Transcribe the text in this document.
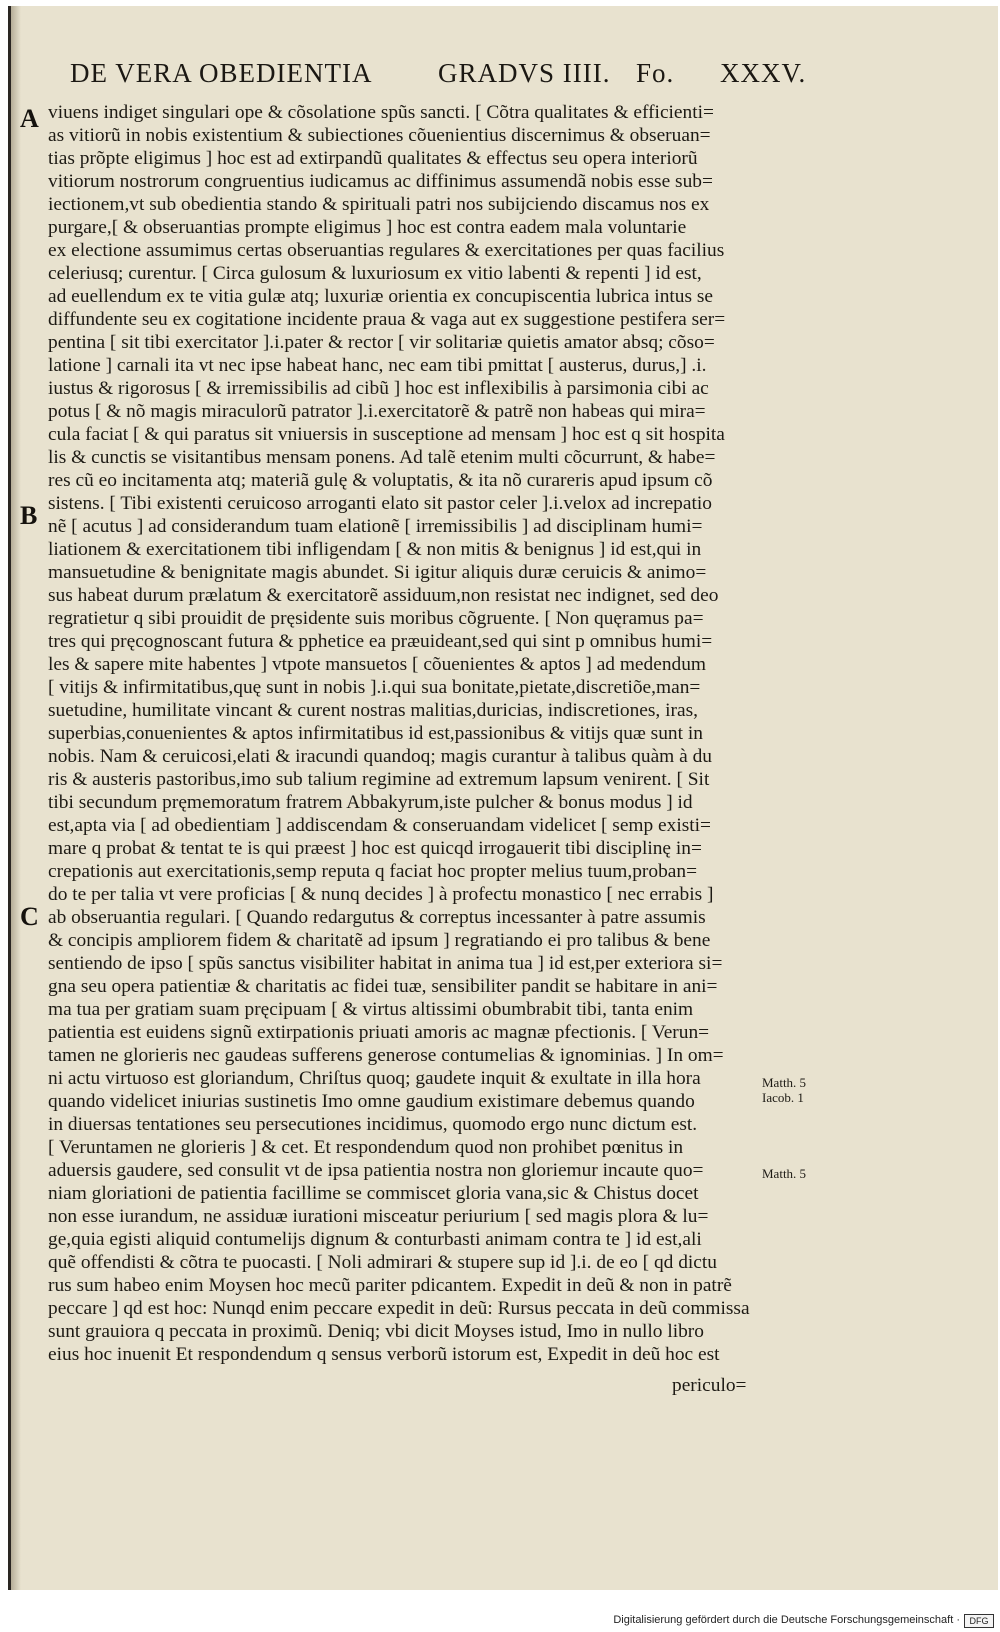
DE VERA OBEDIENTIA GRADVS IIII. Fo. XXXV.
A
B
C
Matth. 5
Iacob. 1
Matth. 5
viuens indiget singulari ope & cõsolatione spũs sancti. [ Cõtra qualitates & efficienti=
as vitiorũ in nobis existentium & subiectiones cõuenientius discernimus & obseruan=
tias prõpte eligimus ] hoc est ad extirpandũ qualitates & effectus seu opera interiorũ
vitiorum nostrorum congruentius iudicamus ac diffinimus assumendã nobis esse sub=
iectionem,vt sub obedientia stando & spirituali patri nos subijciendo discamus nos ex
purgare,[ & obseruantias prompte eligimus ] hoc est contra eadem mala voluntarie
ex electione assumimus certas obseruantias regulares & exercitationes per quas facilius
celeriusq; curentur. [ Circa gulosum & luxuriosum ex vitio labenti & repenti ] id est,
ad euellendum ex te vitia gulæ atq; luxuriæ orientia ex concupiscentia lubrica intus se
diffundente seu ex cogitatione incidente praua & vaga aut ex suggestione pestifera ser=
pentina [ sit tibi exercitator ].i.pater & rector [ vir solitariæ quietis amator absq; cõso=
latione ] carnali ita vt nec ipse habeat hanc, nec eam tibi pmittat [ austerus, durus,] .i.
iustus & rigorosus [ & irremissibilis ad cibũ ] hoc est inflexibilis à parsimonia cibi ac
potus [ & nõ magis miraculorũ patrator ].i.exercitatorẽ & patrẽ non habeas qui mira=
cula faciat [ & qui paratus sit vniuersis in susceptione ad mensam ] hoc est q sit hospita
lis & cunctis se visitantibus mensam ponens. Ad talẽ etenim multi cõcurrunt, & habe=
res cũ eo incitamenta atq; materiã gulę & voluptatis, & ita nõ curareris apud ipsum cõ
sistens. [ Tibi existenti ceruicoso arroganti elato sit pastor celer ].i.velox ad increpatio
nẽ [ acutus ] ad considerandum tuam elationẽ [ irremissibilis ] ad disciplinam humi=
liationem & exercitationem tibi infligendam [ & non mitis & benignus ] id est,qui in
mansuetudine & benignitate magis abundet. Si igitur aliquis duræ ceruicis & animo=
sus habeat durum prælatum & exercitatorẽ assiduum,non resistat nec indignet, sed deo
regratietur q sibi prouidit de pręsidente suis moribus cõgruente. [ Non quęramus pa=
tres qui pręcognoscant futura & pphetice ea præuideant,sed qui sint p omnibus humi=
les & sapere mite habentes ] vtpote mansuetos [ cõuenientes & aptos ] ad medendum
[ vitijs & infirmitatibus,quę sunt in nobis ].i.qui sua bonitate,pietate,discretiõe,man=
suetudine, humilitate vincant & curent nostras malitias,duricias, indiscretiones, iras,
superbias,conuenientes & aptos infirmitatibus id est,passionibus & vitijs quæ sunt in
nobis. Nam & ceruicosi,elati & iracundi quandoq; magis curantur à talibus quàm à du
ris & austeris pastoribus,imo sub talium regimine ad extremum lapsum venirent. [ Sit
tibi secundum pręmemoratum fratrem Abbakyrum,iste pulcher & bonus modus ] id
est,apta via [ ad obedientiam ] addiscendam & conseruandam videlicet [ semp existi=
mare q probat & tentat te is qui præest ] hoc est quicqd irrogauerit tibi disciplinę in=
crepationis aut exercitationis,semp reputa q faciat hoc propter melius tuum,proban=
do te per talia vt vere proficias [ & nunq decides ] à profectu monastico [ nec errabis ]
ab obseruantia regulari. [ Quando redargutus & correptus incessanter à patre assumis
& concipis ampliorem fidem & charitatẽ ad ipsum ] regratiando ei pro talibus & bene
sentiendo de ipso [ spũs sanctus visibiliter habitat in anima tua ] id est,per exteriora si=
gna seu opera patientiæ & charitatis ac fidei tuæ, sensibiliter pandit se habitare in ani=
ma tua per gratiam suam pręcipuam [ & virtus altissimi obumbrabit tibi, tanta enim
patientia est euidens signũ extirpationis priuati amoris ac magnæ pfectionis. [ Verun=
tamen ne glorieris nec gaudeas sufferens generose contumelias & ignominias. ] In om=
ni actu virtuoso est gloriandum, Chriſtus quoq; gaudete inquit & exultate in illa hora
quando videlicet iniurias sustinetis Imo omne gaudium existimare debemus quando
in diuersas tentationes seu persecutiones incidimus, quomodo ergo nunc dictum est.
[ Veruntamen ne glorieris ] & cet. Et respondendum quod non prohibet pœnitus in
aduersis gaudere, sed consulit vt de ipsa patientia nostra non gloriemur incaute quo=
niam gloriationi de patientia facillime se commiscet gloria vana,sic & Chistus docet
non esse iurandum, ne assiduæ iurationi misceatur periurium [ sed magis plora & lu=
ge,quia egisti aliquid contumelijs dignum & conturbasti animam contra te ] id est,ali
quẽ offendisti & cõtra te puocasti. [ Noli admirari & stupere sup id ].i. de eo [ qd dictu
rus sum habeo enim Moysen hoc mecũ pariter pdicantem. Expedit in deũ & non in patrẽ
peccare ] qd est hoc: Nunqd enim peccare expedit in deũ: Rursus peccata in deũ commissa
sunt grauiora q peccata in proximũ. Deniq; vbi dicit Moyses istud, Imo in nullo libro
eius hoc inuenit Et respondendum q sensus verborũ istorum est, Expedit in deũ hoc est
periculo=
Digitalisierung gefördert durch die Deutsche Forschungsgemeinschaft ·	DFG
